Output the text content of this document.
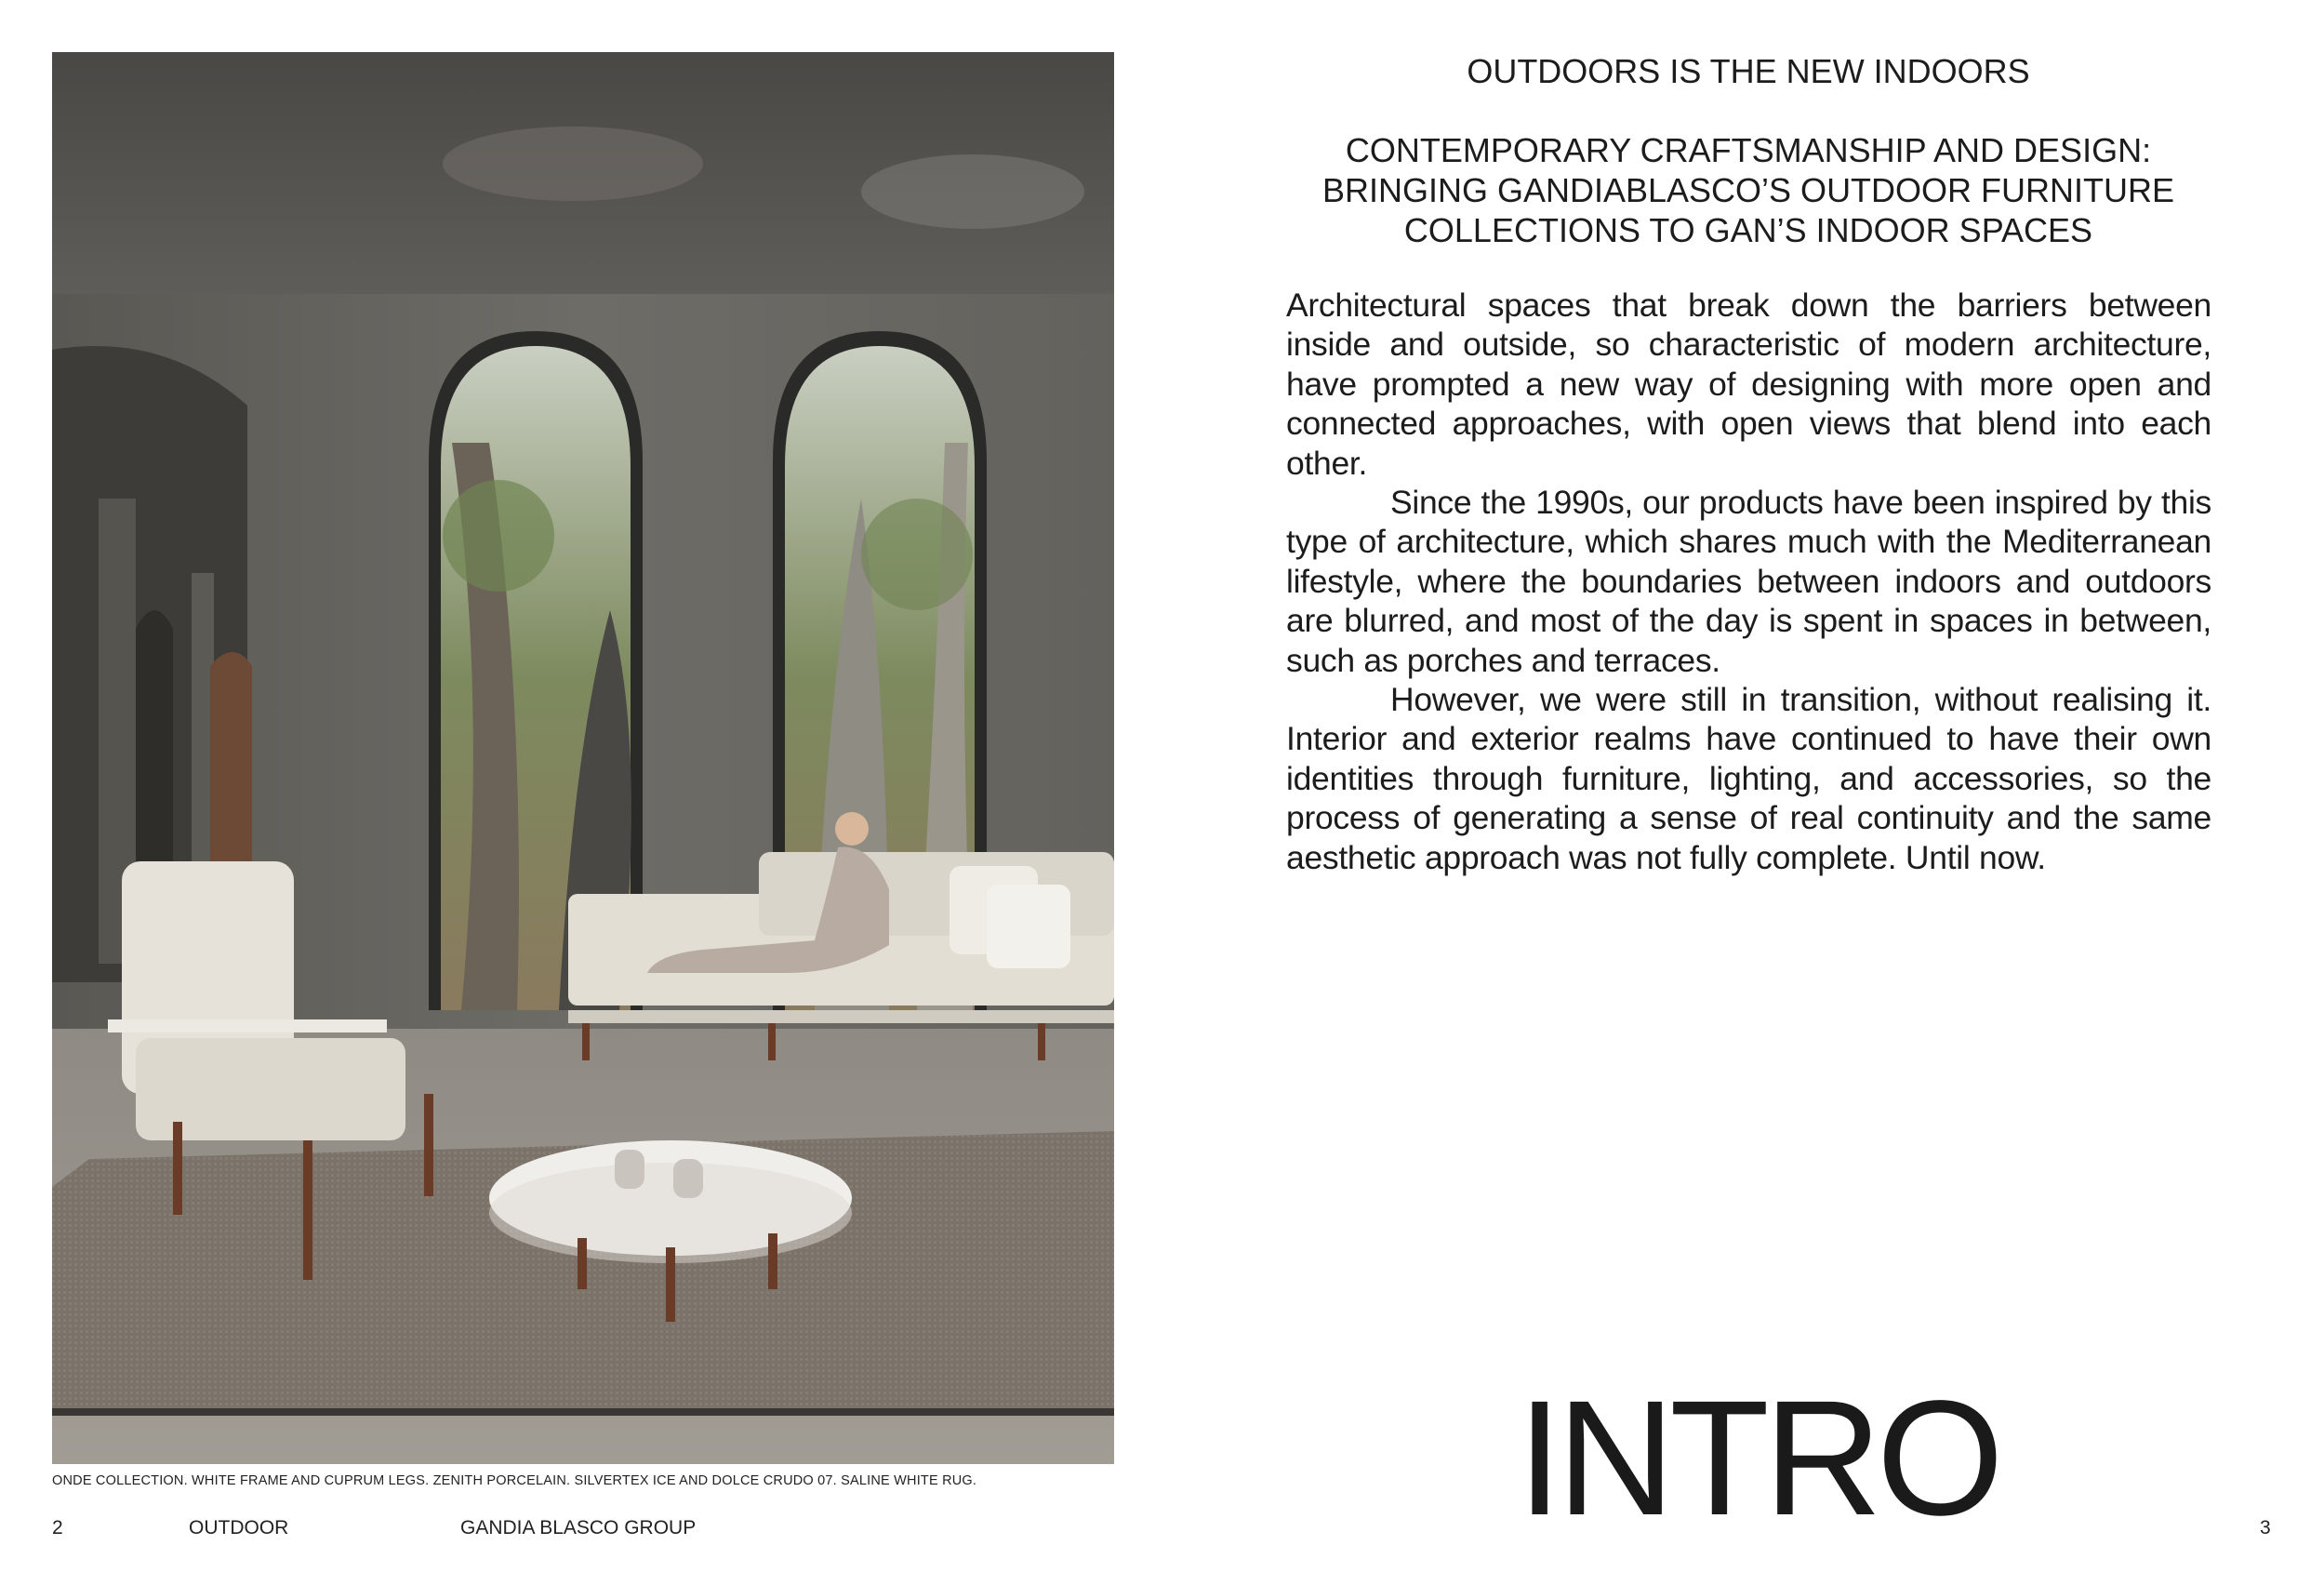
ONDE COLLECTION. WHITE FRAME AND CUPRUM LEGS. ZENITH PORCELAIN. SILVERTEX ICE AND DOLCE CRUDO 07. SALINE WHITE RUG.
2	OUTDOOR	GANDIA BLASCO GROUP
OUTDOORS IS THE NEW INDOORS
CONTEMPORARY CRAFTSMANSHIP AND DESIGN:
BRINGING GANDIABLASCO’S OUTDOOR FURNITURE
COLLECTIONS TO GAN’S INDOOR SPACES

Architectural spaces that break down the barriers between inside and outside, so characteristic of modern architecture, have prompted a new way of designing with more open and connected approaches, with open views that blend into each other.

Since the 1990s, our products have been inspired by this type of architecture, which shares much with the Mediterranean lifestyle, where the boundaries between indoors and outdoors are blurred, and most of the day is spent in spaces in between, such as porches and terraces.

However, we were still in transition, without realising it. Interior and exterior realms have continued to have their own identities through furniture, lighting, and accessories, so the process of generating a sense of real continuity and the same aesthetic approach was not fully complete. Until now.

INTRO	3
